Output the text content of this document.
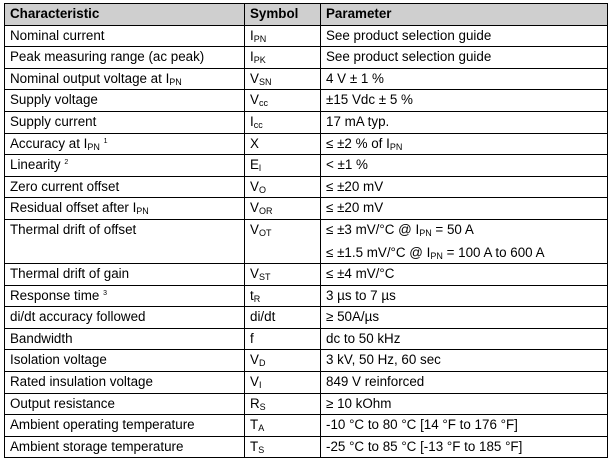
Characteristic	Symbol	Parameter
Nominal current	$I_{PN}$	See product selection guide
Peak measuring range (ac peak)	$I_{PK}$	See product selection guide
Nominal output voltage at $I_{PN}$	$V_{SN}$	4 V ± 1 %
Supply voltage	$V_{cc}$	±15 Vdc ± 5 %
Supply current	$I_{cc}$	17 mA typ.
Accuracy at $I_{PN}$ $^1$	X	≤ ±2 % of $I_{PN}$
Linearity $^2$	$E_l$	< ±1 %
Zero current offset	$V_O$	≤ ±20 mV
Residual offset after $I_{PN}$	$V_{OR}$	≤ ±20 mV
Thermal drift of offset	$V_{OT}$	≤ ±3 mV/°C @ $I_{PN} = 50$ A
≤ ±1.5 mV/°C @ $I_{PN} = 100$ A to 600 A

Thermal drift of gain	$V_{ST}$	≤ ±4 mV/°C
Response time $^3$	$t_R$	3 µs to 7 µs
di/dt accuracy followed	di/dt	≥ 50A/µs
Bandwidth	f	dc to 50 kHz
Isolation voltage	$V_D$	3 kV, 50 Hz, 60 sec
Rated insulation voltage	$V_I$	849 V reinforced
Output resistance	$R_S$	≥ 10 kOhm
Ambient operating temperature	$T_A$	-10 °C to 80 °C [14 °F to 176 °F]
Ambient storage temperature	$T_S$	-25 °C to 85 °C [-13 °F to 185 °F]
